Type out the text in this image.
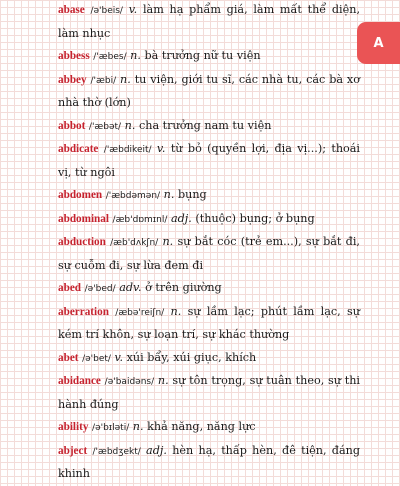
abase /ə'beis/ v. làm hạ phẩm giá, làm mất thể diện, làm nhục

abbess /'æbes/ n. bà trưởng nữ tu viện

abbey /'æbi/ n. tu viện, giới tu sĩ, các nhà tu, các bà xơ nhà thờ (lớn)

abbot /'æbət/ n. cha trưởng nam tu viện

abdicate /'æbdikeit/ v. từ bỏ (quyền lợi, địa vị...); thoái vị, từ ngôi

abdomen /'æbdəmən/ n. bụng

abdominal /æb'dɒmɪnl/ adj. (thuộc) bụng; ở bụng

abduction /æb'dʌkʃn/ n. sự bắt cóc (trẻ em...), sự bắt đi, sự cuỗm đi, sự lừa đem đi

abed /ə'bed/ adv. ở trên giường

aberration /æbə'reiʃn/ n. sự lầm lạc; phút lầm lạc, sự kém trí khôn, sự loạn trí, sự khác thường

abet /ə'bet/ v. xúi bẩy, xúi giục, khích

abidance /ə'baidəns/ n. sự tôn trọng, sự tuân theo, sự thi hành đúng

ability /ə'bɪləti/ n. khả năng, năng lực

abject /'æbdʒekt/ adj. hèn hạ, thấp hèn, đê tiện, đáng khinh

A
